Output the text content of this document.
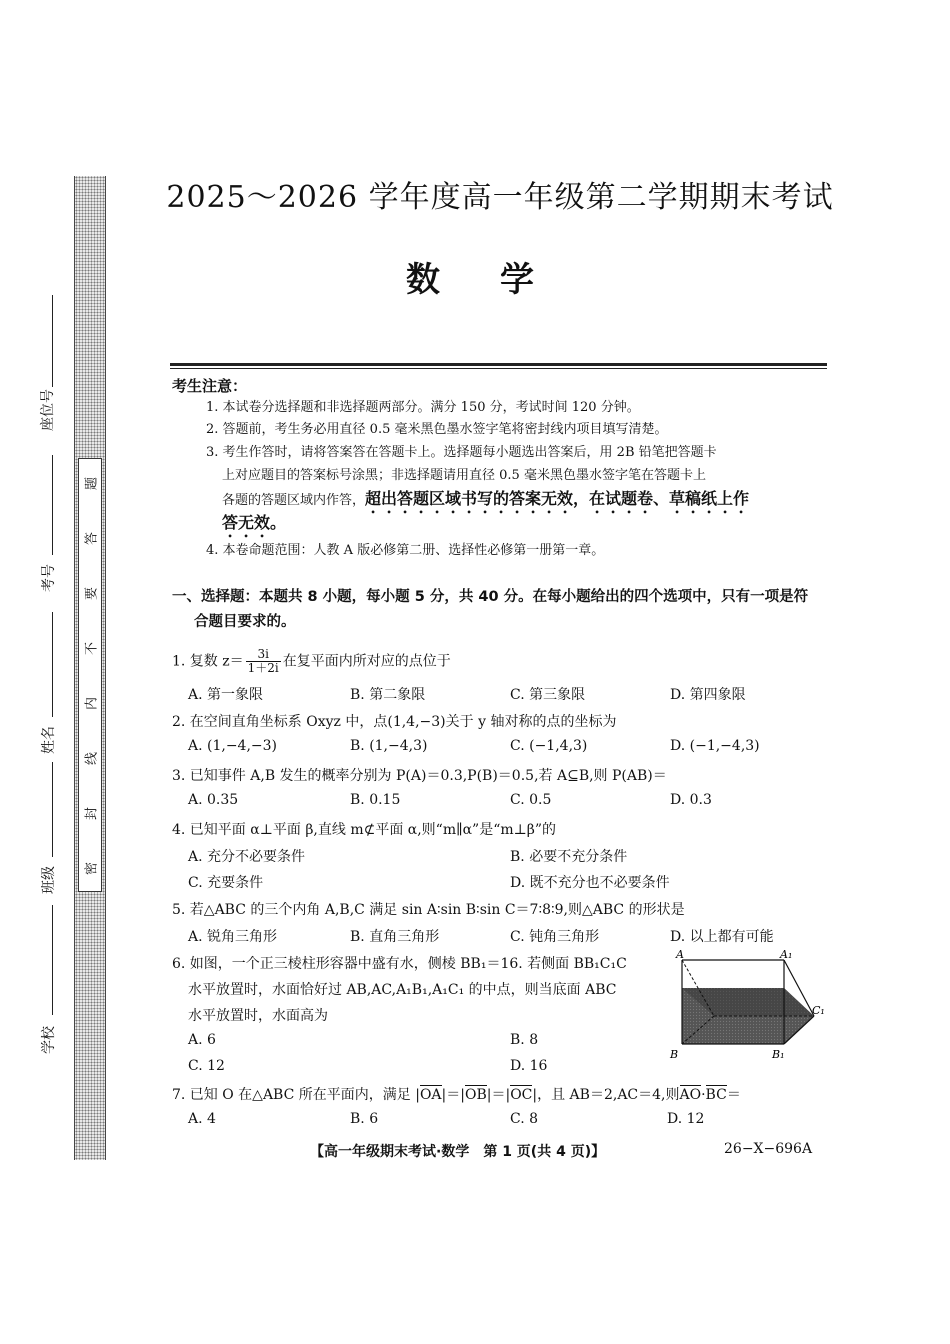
密
封
线
内
不
要
答
题
座位号
考号
姓名
班级
学校
2025～2026 学年度高一年级第二学期期末考试
数学
考生注意：
1. 本试卷分选择题和非选择题两部分。满分 150 分，考试时间 120 分钟。
2. 答题前，考生务必用直径 0.5 毫米黑色墨水签字笔将密封线内项目填写清楚。
3. 考生作答时，请将答案答在答题卡上。选择题每小题选出答案后，用 2B 铅笔把答题卡
上对应题目的答案标号涂黑；非选择题请用直径 0.5 毫米黑色墨水签字笔在答题卡上
各题的答题区域内作答，超出答题区域书写的答案无效，在试题卷、草稿纸上作
答无效。
4. 本卷命题范围：人教 A 版必修第二册、选择性必修第一册第一章。
一、选择题：本题共 8 小题，每小题 5 分，共 40 分。在每小题给出的四个选项中，只有一项是符
合题目要求的。
1. 复数 $z= \frac{3i}{1+2i}$ 在复平面内所对应的点位于
A. 第一象限	B. 第二象限	C. 第三象限	D. 第四象限
2. 在空间直角坐标系 Oxyz 中，点(1,4,−3)关于 y 轴对称的点的坐标为
A. (1,−4,−3)	B. (1,−4,3)	C. (−1,4,3)	D. (−1,−4,3)
3. 已知事件 A,B 发生的概率分别为 P(A)＝0.3,P(B)＝0.5,若 A⊆B,则 P(AB)＝
A. 0.35	B. 0.15	C. 0.5	D. 0.3
4. 已知平面 α⊥平面 β,直线 m⊄平面 α,则“m∥α”是“m⊥β”的
A. 充分不必要条件	B. 必要不充分条件
C. 充要条件	D. 既不充分也不必要条件
5. 若△ABC 的三个内角 A,B,C 满足 sin A∶sin B∶sin C＝7∶8∶9,则△ABC 的形状是
A. 锐角三角形	B. 直角三角形	C. 钝角三角形	D. 以上都有可能
6. 如图，一个正三棱柱形容器中盛有水，侧棱 BB₁＝16. 若侧面 BB₁C₁C
水平放置时，水面恰好过 AB,AC,A₁B₁,A₁C₁ 的中点，则当底面 ABC
水平放置时，水面高为
A. 6	B. 8
C. 12	D. 16
A	A₁
C₁
B	B₁
7. 已知 O 在△ABC 所在平面内，满足 |OA|＝|OB|＝|OC|，且 AB＝2,AC＝4,则AO·BC＝
A. 4	B. 6	C. 8	D. 12
【高一年级期末考试·数学　第 1 页(共 4 页)】	26−X−696A
